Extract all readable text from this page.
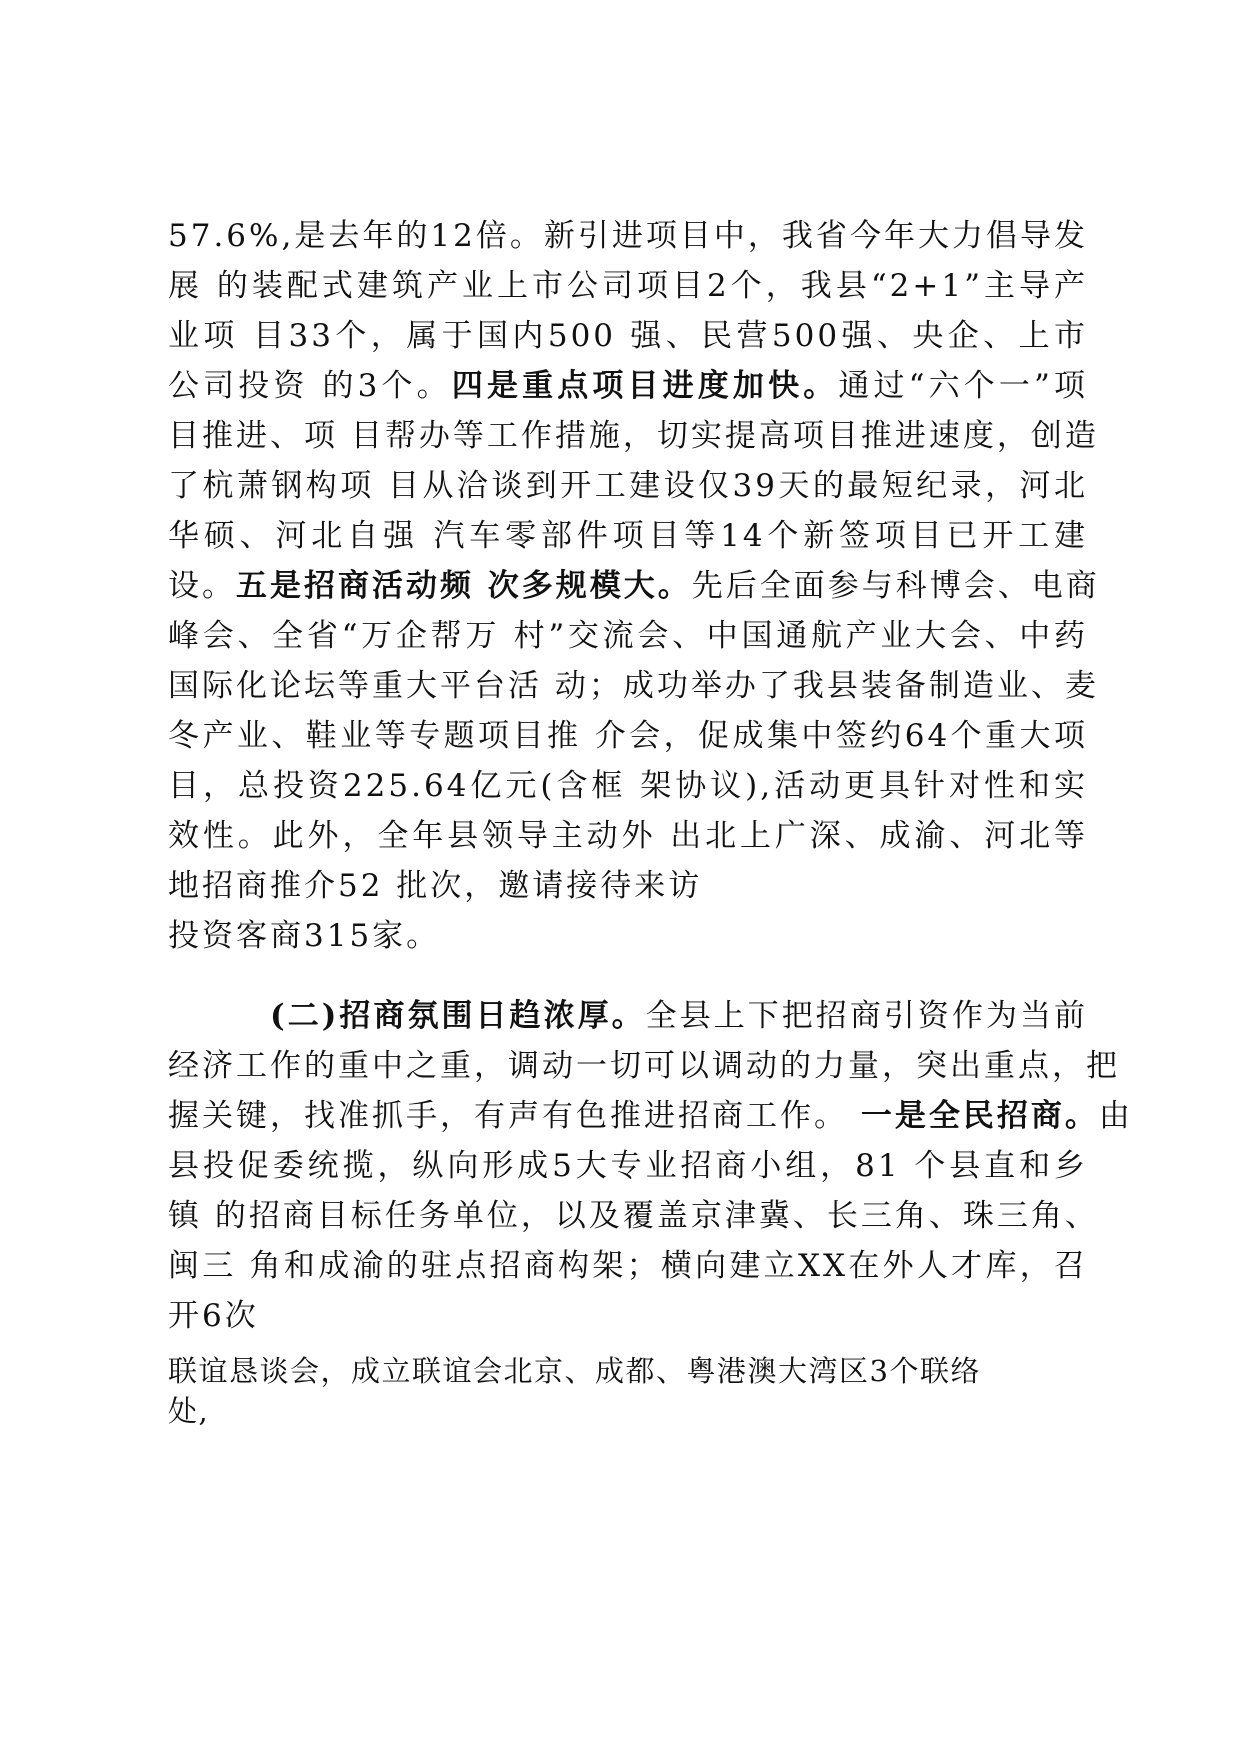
57.6%,是去年的12倍。新引进项目中，我省今年大力倡导发
展 的装配式建筑产业上市公司项目2个，我县“2+1”主导产
业项 目33个，属于国内500 强、民营500强、央企、上市
公司投资 的3个。四是重点项目进度加快。通过“六个一”项
目推进、项 目帮办等工作措施，切实提高项目推进速度，创造
了杭萧钢构项 目从洽谈到开工建设仅39天的最短纪录，河北
华硕、河北自强 汽车零部件项目等14个新签项目已开工建
设。五是招商活动频 次多规模大。先后全面参与科博会、电商
峰会、全省“万企帮万 村”交流会、中国通航产业大会、中药
国际化论坛等重大平台活 动；成功举办了我县装备制造业、麦
冬产业、鞋业等专题项目推 介会，促成集中签约64个重大项
目，总投资225.64亿元(含框 架协议),活动更具针对性和实
效性。此外，全年县领导主动外 出北上广深、成渝、河北等
地招商推介52 批次，邀请接待来访
投资客商315家。
(二)招商氛围日趋浓厚。全县上下把招商引资作为当前
经济工作的重中之重，调动一切可以调动的力量，突出重点，把
握关键，找准抓手，有声有色推进招商工作。 一是全民招商。由
县投促委统揽，纵向形成5大专业招商小组，81 个县直和乡
镇 的招商目标任务单位，以及覆盖京津冀、长三角、珠三角、
闽三 角和成渝的驻点招商构架；横向建立XX在外人才库，召
开6次
联谊恳谈会，成立联谊会北京、成都、粤港澳大湾区3个联络
处,
